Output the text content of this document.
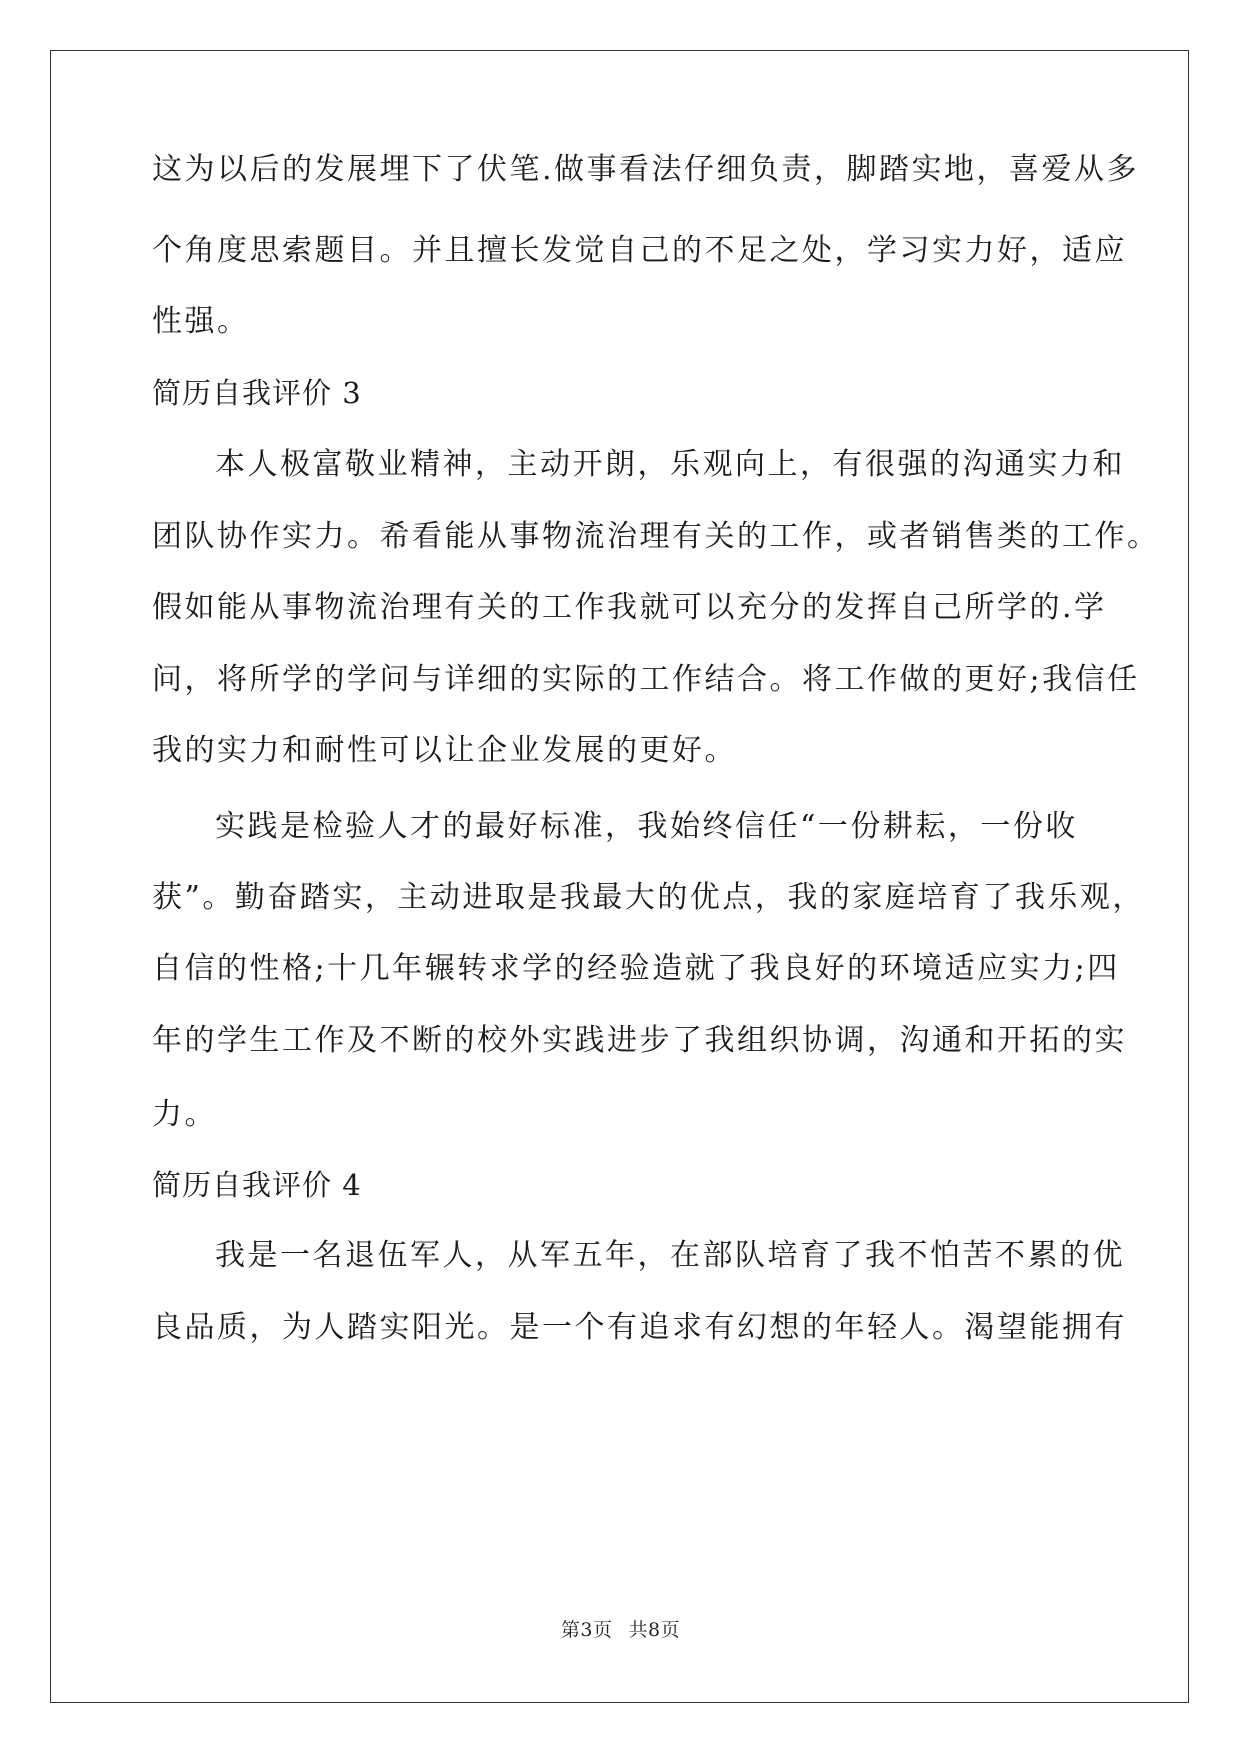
这为以后的发展埋下了伏笔.做事看法仔细负责，脚踏实地，喜爱从多
个角度思索题目。并且擅长发觉自己的不足之处，学习实力好，适应
性强。
简历自我评价 3
本人极富敬业精神，主动开朗，乐观向上，有很强的沟通实力和
团队协作实力。希看能从事物流治理有关的工作，或者销售类的工作。
假如能从事物流治理有关的工作我就可以充分的发挥自己所学的.学
问，将所学的学问与详细的实际的工作结合。将工作做的更好;我信任
我的实力和耐性可以让企业发展的更好。
实践是检验人才的最好标准，我始终信任“一份耕耘，一份收
获”。勤奋踏实，主动进取是我最大的优点，我的家庭培育了我乐观，
自信的性格;十几年辗转求学的经验造就了我良好的环境适应实力;四
年的学生工作及不断的校外实践进步了我组织协调，沟通和开拓的实
力。
简历自我评价 4
我是一名退伍军人，从军五年，在部队培育了我不怕苦不累的优
良品质，为人踏实阳光。是一个有追求有幻想的年轻人。渴望能拥有
第3页 共8页
